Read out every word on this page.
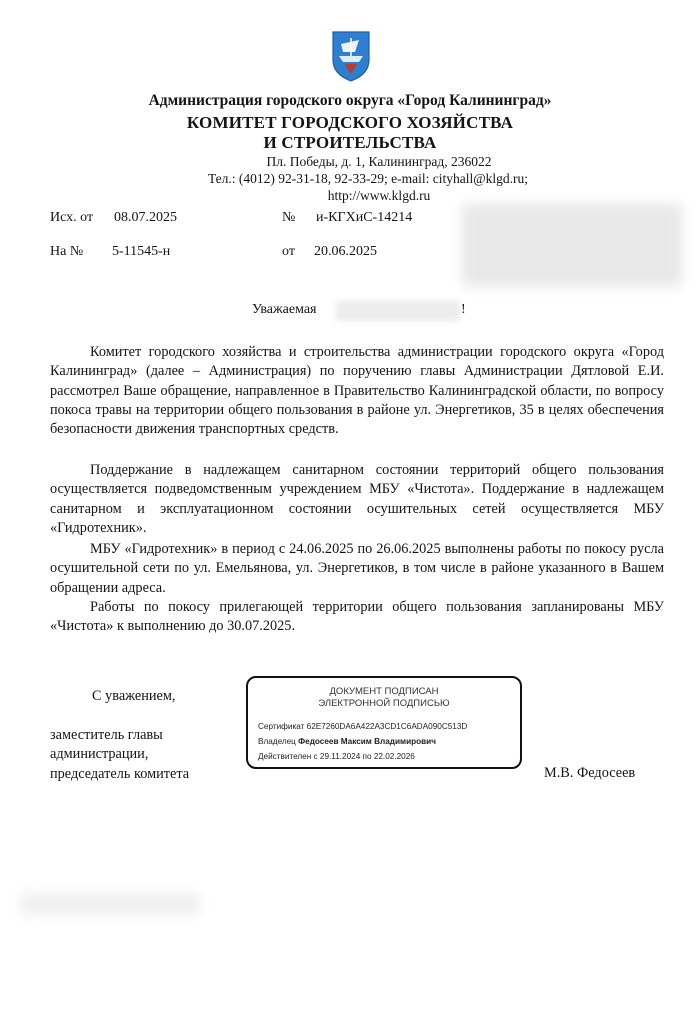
Администрация городского округа «Город Калининград»
КОМИТЕТ ГОРОДСКОГО ХОЗЯЙСТВА
И СТРОИТЕЛЬСТВА
Пл. Победы, д. 1, Калининград, 236022
Тел.: (4012) 92-31-18, 92-33-29; e-mail: cityhall@klgd.ru;
http://www.klgd.ru
Исх. от 08.07.2025	№ и-КГХиС-14214
На № 5-11545-н	от 20.06.2025
Уважаемая	!
Комитет городского хозяйства и строительства администрации городского округа «Город Калининград» (далее – Администрация) по поручению главы Администрации Дятловой Е.И. рассмотрел Ваше обращение, направленное в Правительство Калининградской области, по вопросу покоса травы на территории общего пользования в районе ул. Энергетиков, 35 в целях обеспечения безопасности движения транспортных средств.
Поддержание в надлежащем санитарном состоянии территорий общего пользования осуществляется подведомственным учреждением МБУ «Чистота». Поддержание в надлежащем санитарном и эксплуатационном состоянии осушительных сетей осуществляется МБУ «Гидротехник».
МБУ «Гидротехник» в период с 24.06.2025 по 26.06.2025 выполнены работы по покосу русла осушительной сети по ул. Емельянова, ул. Энергетиков, в том числе в районе указанного в Вашем обращении адреса.
Работы по покосу прилегающей территории общего пользования запланированы МБУ «Чистота» к выполнению до 30.07.2025.
С уважением,
заместитель главы
администрации,
председатель комитета
ДОКУМЕНТ ПОДПИСАН
ЭЛЕКТРОННОЙ ПОДПИСЬЮ
Сертификат 62E7260DA6A422A3CD1C6ADA090C513D
Владелец Федосеев Максим Владимирович
Действителен с 29.11.2024 по 22.02.2026
М.В. Федосеев
